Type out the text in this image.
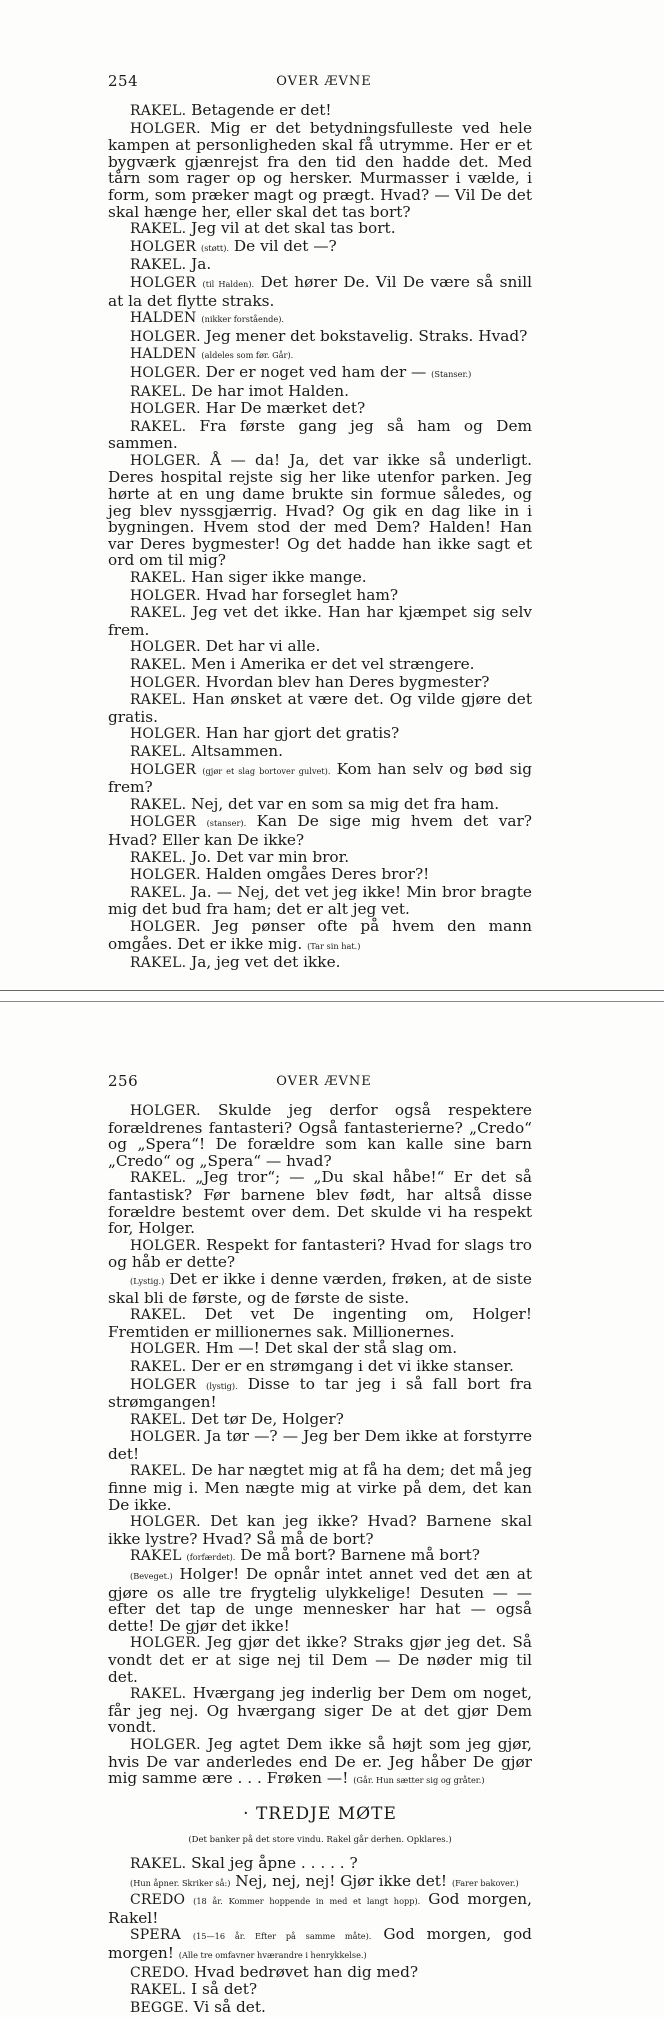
254	OVER ÆVNE

RAKEL. Betagende er det!

HOLGER. Mig er det betydningsfulleste ved hele kampen at personligheden skal få utrymme. Her er et bygværk gjænrejst fra den tid den hadde det. Med tårn som rager op og hersker. Murmasser i vælde, i form, som præker magt og prægt. Hvad? — Vil De det skal hænge her, eller skal det tas bort?

RAKEL. Jeg vil at det skal tas bort.

HOLGER (støtt). De vil det —?

RAKEL. Ja.

HOLGER (til Halden). Det hører De. Vil De være så snill at la det flytte straks.

HALDEN (nikker forstående).

HOLGER. Jeg mener det bokstavelig. Straks. Hvad?

HALDEN (aldeles som før. Går).

HOLGER. Der er noget ved ham der — (Stanser.)

RAKEL. De har imot Halden.

HOLGER. Har De mærket det?

RAKEL. Fra første gang jeg så ham og Dem sammen.

HOLGER. Å — da! Ja, det var ikke så underligt. Deres hospital rejste sig her like utenfor parken. Jeg hørte at en ung dame brukte sin formue således, og jeg blev nyssgjærrig. Hvad? Og gik en dag like in i bygningen. Hvem stod der med Dem? Halden! Han var Deres bygmester! Og det hadde han ikke sagt et ord om til mig?

RAKEL. Han siger ikke mange.

HOLGER. Hvad har forseglet ham?

RAKEL. Jeg vet det ikke. Han har kjæmpet sig selv frem.

HOLGER. Det har vi alle.

RAKEL. Men i Amerika er det vel strængere.

HOLGER. Hvordan blev han Deres bygmester?

RAKEL. Han ønsket at være det. Og vilde gjøre det gratis.

HOLGER. Han har gjort det gratis?

RAKEL. Altsammen.

HOLGER (gjør et slag bortover gulvet). Kom han selv og bød sig frem?

RAKEL. Nej, det var en som sa mig det fra ham.

HOLGER (stanser). Kan De sige mig hvem det var? Hvad? Eller kan De ikke?

RAKEL. Jo. Det var min bror.

HOLGER. Halden omgåes Deres bror?!

RAKEL. Ja. — Nej, det vet jeg ikke! Min bror bragte mig det bud fra ham; det er alt jeg vet.

HOLGER. Jeg pønser ofte på hvem den mann omgåes. Det er ikke mig. (Tar sin hat.)

RAKEL. Ja, jeg vet det ikke.

256	OVER ÆVNE

HOLGER. Skulde jeg derfor også respektere forældrenes fantasteri? Også fantasterierne? „Credo“ og „Spera“! De forældre som kan kalle sine barn „Credo“ og „Spera“ — hvad?

RAKEL. „Jeg tror“; — „Du skal håbe!“ Er det så fantastisk? Før barnene blev født, har altså disse forældre bestemt over dem. Det skulde vi ha respekt for, Holger.

HOLGER. Respekt for fantasteri? Hvad for slags tro og håb er dette?

(Lystig.) Det er ikke i denne værden, frøken, at de siste skal bli de første, og de første de siste.

RAKEL. Det vet De ingenting om, Holger! Fremtiden er millionernes sak. Millionernes.

HOLGER. Hm —! Det skal der stå slag om.

RAKEL. Der er en strømgang i det vi ikke stanser.

HOLGER (lystig). Disse to tar jeg i så fall bort fra strømgangen!

RAKEL. Det tør De, Holger?

HOLGER. Ja tør —? — Jeg ber Dem ikke at forstyrre det!

RAKEL. De har nægtet mig at få ha dem; det må jeg finne mig i. Men nægte mig at virke på dem, det kan De ikke.

HOLGER. Det kan jeg ikke? Hvad? Barnene skal ikke lystre? Hvad? Så må de bort?

RAKEL (forfærdet). De må bort? Barnene må bort?

(Beveget.) Holger! De opnår intet annet ved det æn at gjøre os alle tre frygtelig ulykkelige! Desuten — — efter det tap de unge mennesker har hat — også dette! De gjør det ikke!

HOLGER. Jeg gjør det ikke? Straks gjør jeg det. Så vondt det er at sige nej til Dem — De nøder mig til det.

RAKEL. Hværgang jeg inderlig ber Dem om noget, får jeg nej. Og hværgang siger De at det gjør Dem vondt.

HOLGER. Jeg agtet Dem ikke så højt som jeg gjør, hvis De var anderledes end De er. Jeg håber De gjør mig samme ære . . . Frøken —! (Går. Hun sætter sig og gråter.)

· TREDJE MØTE
(Det banker på det store vindu. Rakel går derhen. Opklares.)

RAKEL. Skal jeg åpne . . . . . ?

(Hun åpner. Skriker så:) Nej, nej, nej! Gjør ikke det! (Farer bakover.)

CREDO (18 år. Kommer hoppende in med et langt hopp). God morgen, Rakel!

SPERA (15—16 år. Efter på samme måte). God morgen, god morgen! (Alle tre omfavner hværandre i henrykkelse.)

CREDO. Hvad bedrøvet han dig med?

RAKEL. I så det?

BEGGE. Vi så det.
